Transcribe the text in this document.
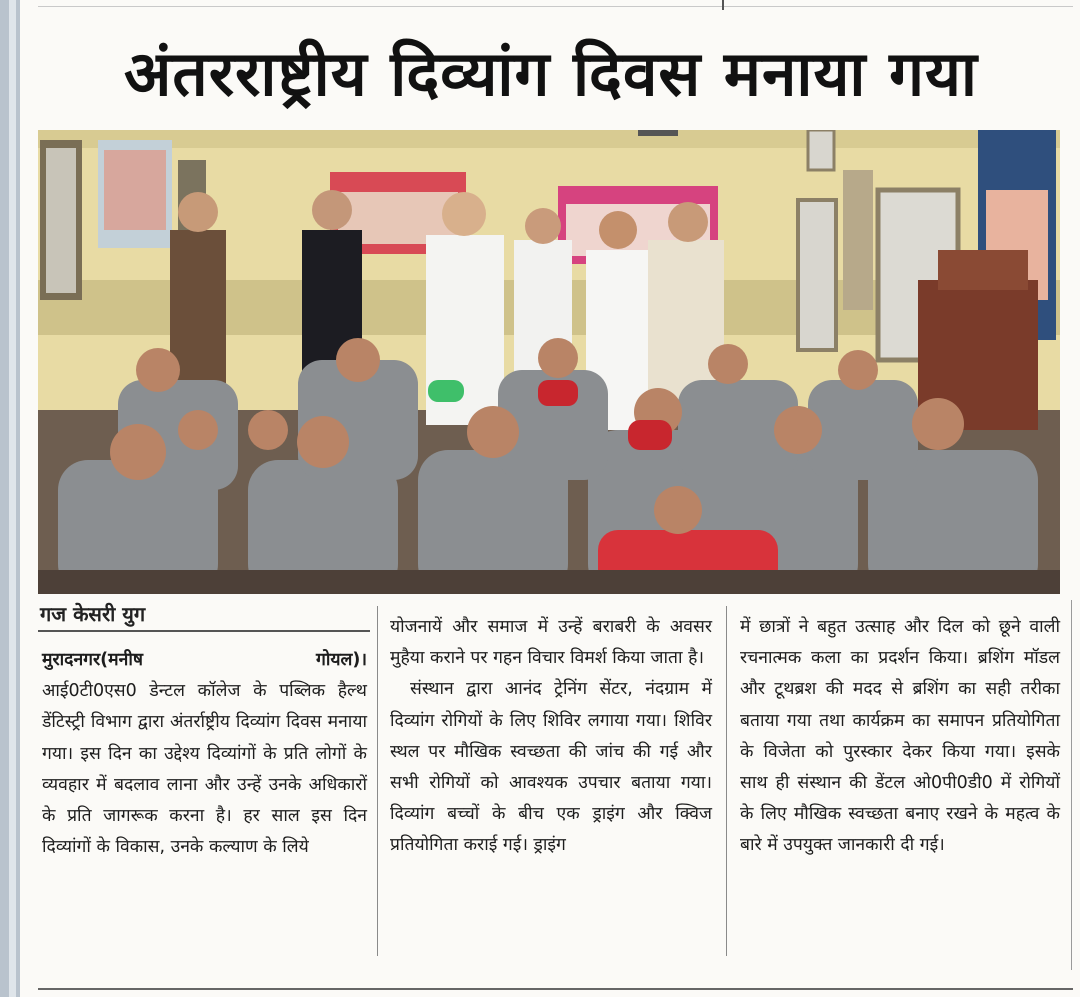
अंतरराष्ट्रीय दिव्यांग दिवस मनाया गया
गज केसरी युग

मुरादनगर(मनीष गोयल)।
आई0टी0एस0 डेन्टल कॉलेज के पब्लिक हैल्थ डेंटिस्ट्री विभाग द्वारा अंतर्राष्ट्रीय दिव्यांग दिवस मनाया गया। इस दिन का उद्देश्य दिव्यांगों के प्रति लोगों के व्यवहार में बदलाव लाना और उन्हें उनके अधिकारों के प्रति जागरूक करना है। हर साल इस दिन दिव्यांगों के विकास, उनके कल्याण के लिये

योजनायें और समाज में उन्हें बराबरी के अवसर मुहैया कराने पर गहन विचार विमर्श किया जाता है।

संस्थान द्वारा आनंद ट्रेनिंग सेंटर, नंदग्राम में दिव्यांग रोगियों के लिए शिविर लगाया गया। शिविर स्थल पर मौखिक स्वच्छता की जांच की गई और सभी रोगियों को आवश्यक उपचार बताया गया। दिव्यांग बच्चों के बीच एक ड्राइंग और क्विज प्रतियोगिता कराई गई। ड्राइंग

में छात्रों ने बहुत उत्साह और दिल को छूने वाली रचनात्मक कला का प्रदर्शन किया। ब्रशिंग मॉडल और टूथब्रश की मदद से ब्रशिंग का सही तरीका बताया गया तथा कार्यक्रम का समापन प्रतियोगिता के विजेता को पुरस्कार देकर किया गया। इसके साथ ही संस्थान की डेंटल ओ0पी0डी0 में रोगियों के लिए मौखिक स्वच्छता बनाए रखने के महत्व के बारे में उपयुक्त जानकारी दी गई।
